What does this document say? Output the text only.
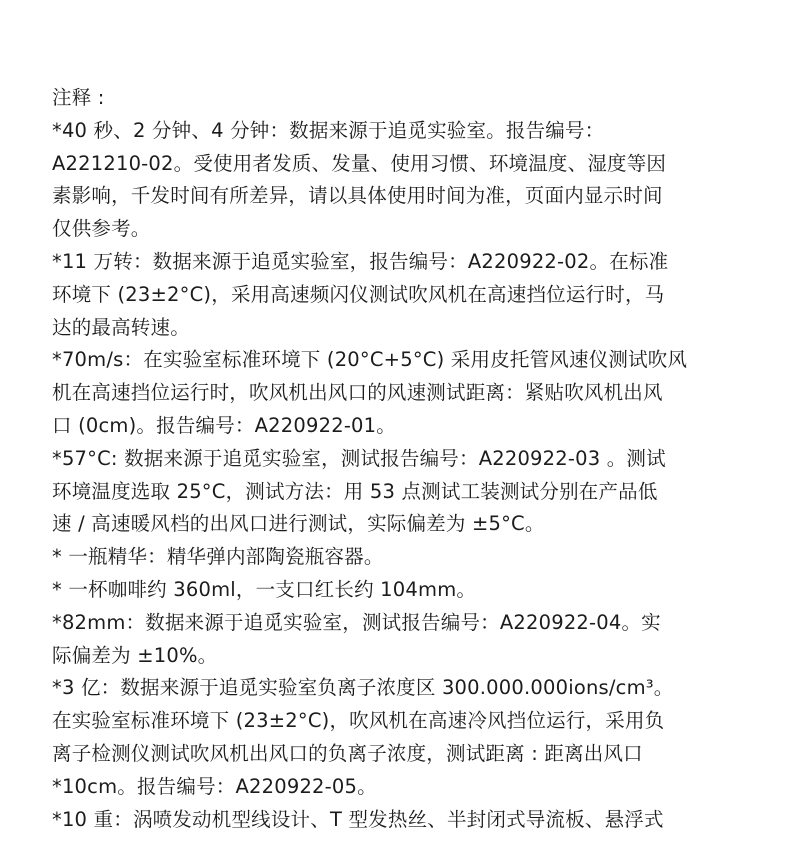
注释 :
*40 秒、2 分钟、4 分钟：数据来源于追觅实验室。报告编号：
A221210-02。受使用者发质、发量、使用习惯、环境温度、湿度等因
素影响，千发时间有所差异，请以具体使用时间为准，页面内显示时间
仅供参考。
*11 万转：数据来源于追觅实验室，报告编号：A220922-02。在标准
环境下 (23±2°C)，采用高速频闪仪测试吹风机在高速挡位运行时，马
达的最高转速。
*70m/s：在实验室标准环境下 (20°C+5°C) 采用皮托管风速仪测试吹风
机在高速挡位运行时，吹风机出风口的风速测试距离：紧贴吹风机出风
口 (0cm)。报告编号：A220922-01。
*57°C: 数据来源于追觅实验室，测试报告编号：A220922-03 。测试
环境温度选取 25°C，测试方法：用 53 点测试工装测试分别在产品低
速 / 高速暖风档的出风口进行测试，实际偏差为 ±5°C。
* 一瓶精华：精华弹内部陶瓷瓶容器。
* 一杯咖啡约 360ml，一支口红长约 104mm。
*82mm：数据来源于追觅实验室，测试报告编号：A220922-04。实
际偏差为 ±10%。
*3 亿：数据来源于追觅实验室负离子浓度区 300.000.000ions/cm³。
在实验室标准环境下 (23±2°C)，吹风机在高速冷风挡位运行，采用负
离子检测仪测试吹风机出风口的负离子浓度，测试距离 : 距离出风口
*10cm。报告编号：A220922-05。
*10 重：涡喷发动机型线设计、T 型发热丝、半封闭式导流板、悬浮式
